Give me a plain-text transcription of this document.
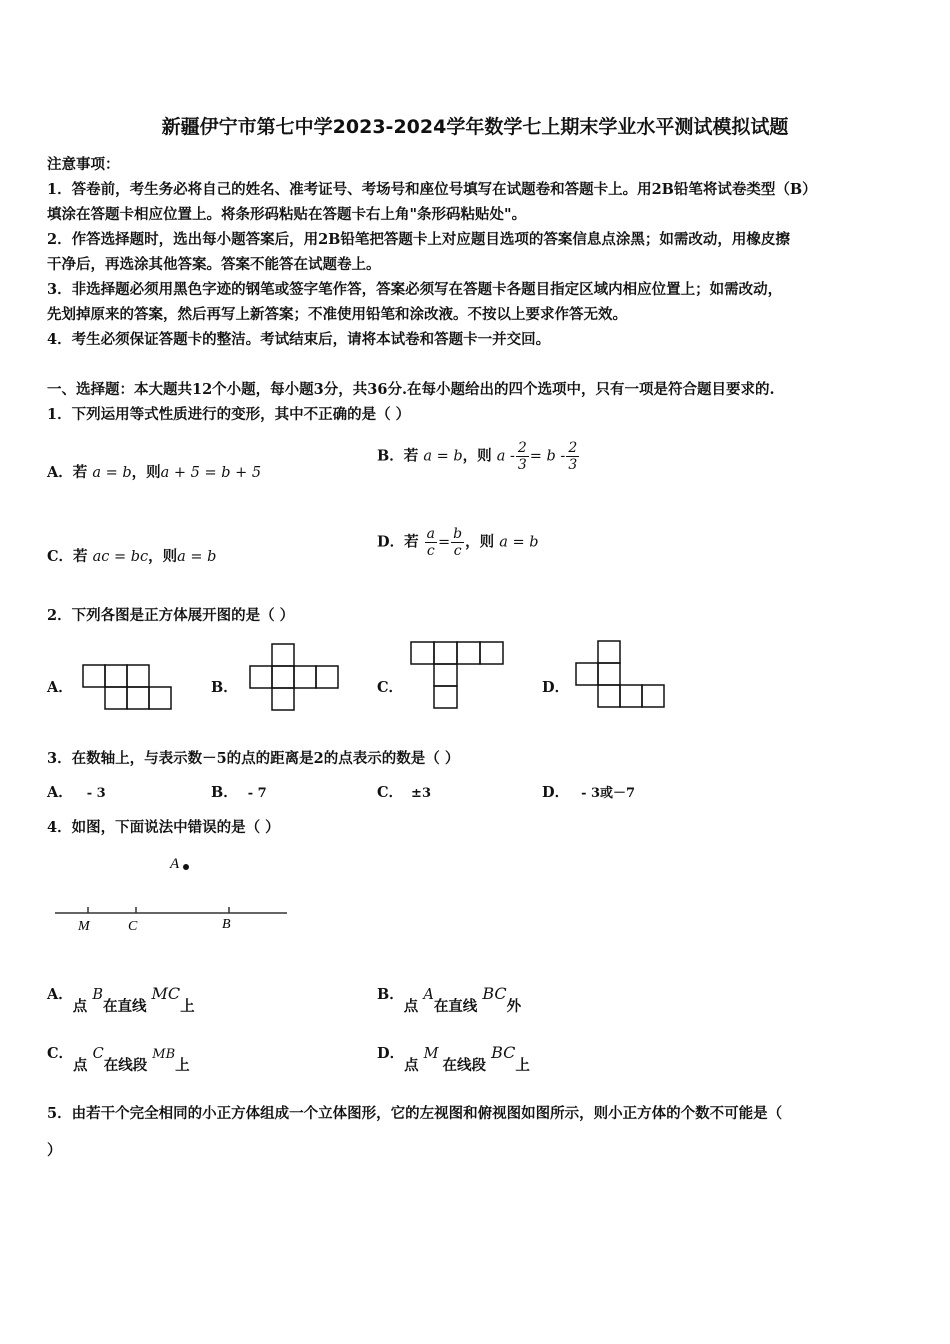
新疆伊宁市第七中学2023-2024学年数学七上期末学业水平测试模拟试题
注意事项：
1．答卷前，考生务必将自己的姓名、准考证号、考场号和座位号填写在试题卷和答题卡上。用2B铅笔将试卷类型（B）
填涂在答题卡相应位置上。将条形码粘贴在答题卡右上角"条形码粘贴处"。
2．作答选择题时，选出每小题答案后，用2B铅笔把答题卡上对应题目选项的答案信息点涂黑；如需改动，用橡皮擦
干净后，再选涂其他答案。答案不能答在试题卷上。
3．非选择题必须用黑色字迹的钢笔或签字笔作答，答案必须写在答题卡各题目指定区域内相应位置上；如需改动，
先划掉原来的答案，然后再写上新答案；不准使用铅笔和涂改液。不按以上要求作答无效。
4．考生必须保证答题卡的整洁。考试结束后，请将本试卷和答题卡一并交回。
一、选择题：本大题共12个小题，每小题3分，共36分.在每小题给出的四个选项中，只有一项是符合题目要求的.
1．下列运用等式性质进行的变形，其中不正确的是（ ）
A．若 a = b，则a + 5 = b + 5
B．若 a = b，则 $a - \frac{2}{3} = b - \frac{2}{3}$
C．若 ac = bc，则a = b
D．若 $\frac{a}{c} = \frac{b}{c}$ ，则 a = b
2．下列各图是正方体展开图的是（ ）
A．	B．	C．	D．
3．在数轴上，与表示数－5的点的距离是2的点表示的数是（ ）
A． - 3	B． - 7	C． ±3	D． - 3或－7
4．如图，下面说法中错误的是（ ）
A
M	C	B
A．点 B在直线 MC上
B．点 A在直线 BC外
C．点 C在线段 MB上
D．点 M在线段 BC上
5．由若干个完全相同的小正方体组成一个立体图形，它的左视图和俯视图如图所示，则小正方体的个数不可能是（
）
